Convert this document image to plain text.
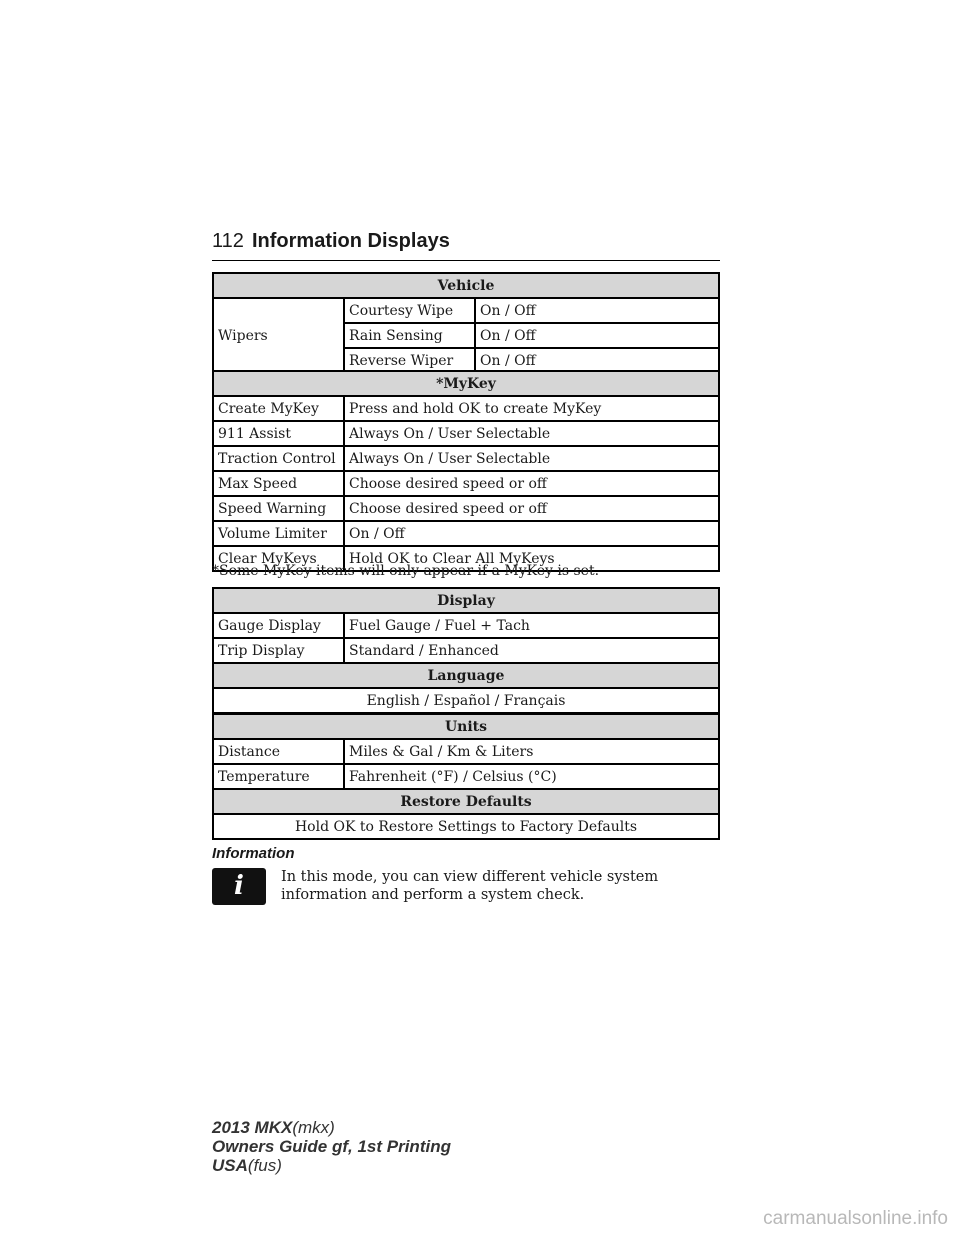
112 Information Displays
Vehicle		
Wipers	Courtesy Wipe	On / Off
	Rain Sensing	On / Off
	Reverse Wiper	On / Off
*MyKey	
Create MyKey	Press and hold OK to create MyKey
911 Assist	Always On / User Selectable
Traction Control	Always On / User Selectable
Max Speed	Choose desired speed or off
Speed Warning	Choose desired speed or off
Volume Limiter	On / Off
Clear MyKeys	Hold OK to Clear All MyKeys
*Some MyKey items will only appear if a MyKey is set.
Display	
Gauge Display	Fuel Gauge / Fuel + Tach
Trip Display	Standard / Enhanced
Language
English / Español / Français
Units	
Distance	Miles & Gal / Km & Liters
Temperature	Fahrenheit (°F) / Celsius (°C)
Restore Defaults
Hold OK to Restore Settings to Factory Defaults
Information
i	In this mode, you can view different vehicle system information and perform a system check.
2013 MKX(mkx)
Owners Guide gf, 1st Printing
USA(fus)
carmanualsonline.info
